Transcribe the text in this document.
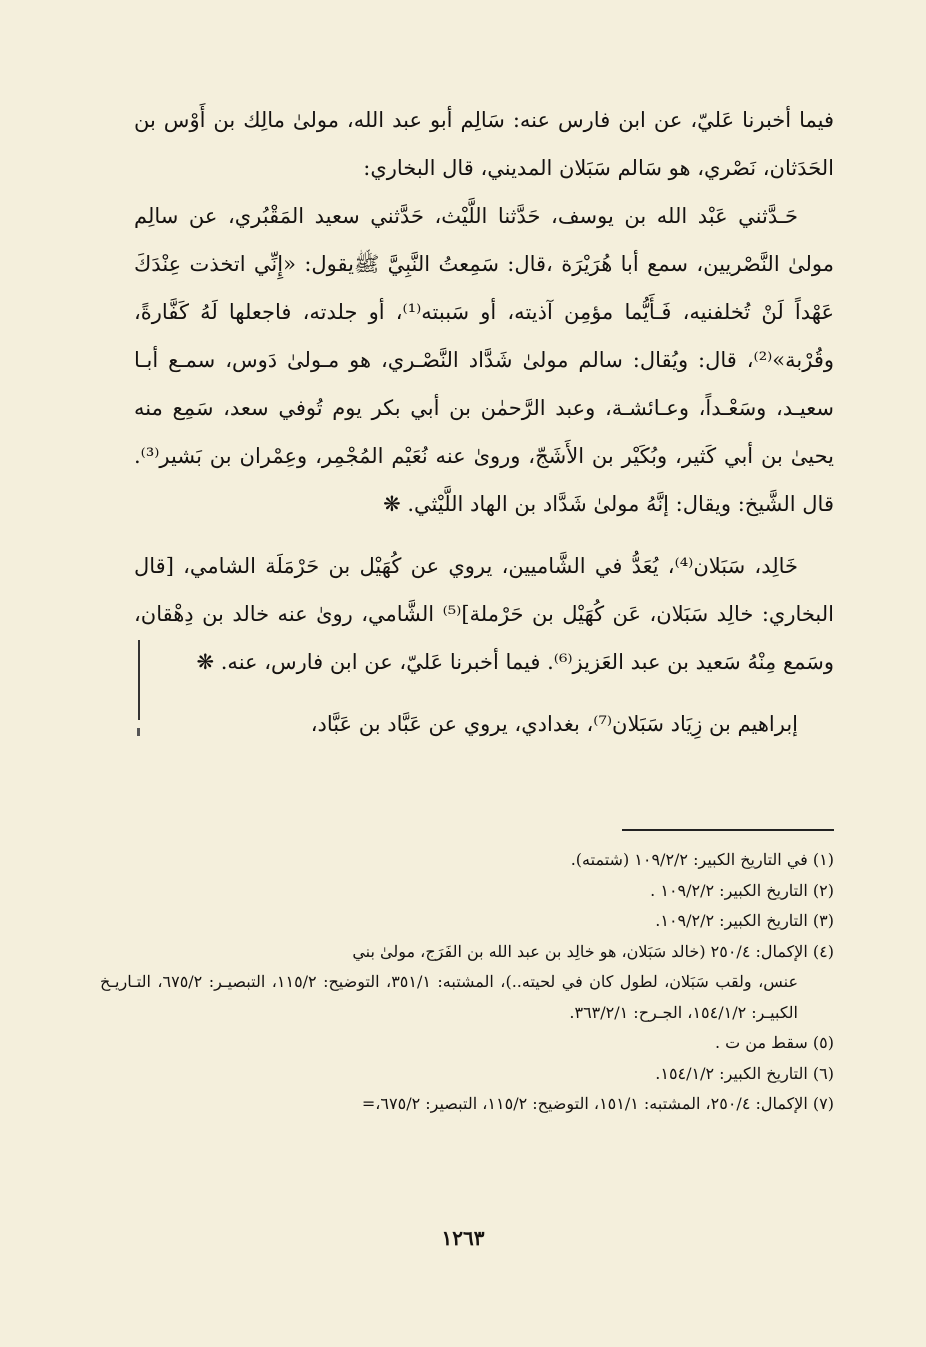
فيما أخبرنا عَليّ، عن ابن فارس عنه: سَالِم أبو عبد الله، مولىٰ مالِك بن أَوْس بن الحَدَثان، نَصْري، هو سَالم سَبَلان المديني، قال البخاري:

حَـدَّثني عَبْد الله بن يوسف، حَدَّثنا اللَّيْث، حَدَّثني سعيد المَقْبُري، عن سالِم مولىٰ النَّصْريين، سمع أبا هُرَيْرَة ،قال: سَمِعتُ النَّبِيَّ ﷺيقول: «إِنِّي اتخذت عِنْدَكَ عَهْداً لَنْ تُخلفنيه، فَـأَيُّما مؤمِن آذيته، أو سَببته⁽¹⁾، أو جلدته، فاجعلها لَهُ كَفَّارةً، وقُرْبة»⁽²⁾، قال: ويُقال: سالم مولىٰ شَدَّاد النَّصْـري، هو مـولىٰ دَوس، سمـع أبـا سعيـد، وسَعْـداً، وعـائشـة، وعبد الرَّحمٰن بن أبي بكر يوم تُوفي سعد، سَمِع منه يحيىٰ بن أبي كَثير، وبُكَيْر بن الأَشَجّ، وروىٰ عنه نُعَيْم المُجْمِر، وعِمْران بن بَشير⁽³⁾. قال الشَّيخ: ويقال: إنَّهُ مولىٰ شَدَّاد بن الهاد اللَّيْثي. ❋

خَالِد، سَبَلان⁽⁴⁾، يُعَدُّ في الشَّاميين، يروي عن كُهَيْل بن حَرْمَلَة الشامي، [قال البخاري: خالِد سَبَلان، عَن كُهَيْل بن حَرْملة]⁽⁵⁾ الشَّامي، روىٰ عنه خالد بن دِهْقان، وسَمع مِنْهُ سَعيد بن عبد العَزيز⁽⁶⁾. فيما أخبرنا عَليّ، عن ابن فارس، عنه. ❋

إبراهيم بن زِيَاد سَبَلان⁽⁷⁾، بغدادي، يروي عن عَبَّاد بن عَبَّاد،

(١) في التاريخ الكبير: ١٠٩/٢/٢ (شتمته).

(٢) التاريخ الكبير: ١٠٩/٢/٢ .

(٣) التاريخ الكبير: ١٠٩/٢/٢.

(٤) الإكمال: ٢٥٠/٤ (خالد سَبَلان، هو خالِد بن عبد الله بن الفَرَج، مولىٰ بني
عنس، ولقب سَبَلان، لطول كان في لحيته..)، المشتبه: ٣٥١/١، التوضيح: ١١٥/٢، التبصيـر: ٦٧٥/٢، التـاريـخ الكبيـر: ١٥٤/١/٢، الجـرح: ٣٦٣/٢/١.

(٥) سقط من ت .

(٦) التاريخ الكبير: ١٥٤/١/٢.

(٧) الإكمال: ٢٥٠/٤، المشتبه: ١٥١/١، التوضيح: ١١٥/٢، التبصير: ٦٧٥/٢،=

١٢٦٣
